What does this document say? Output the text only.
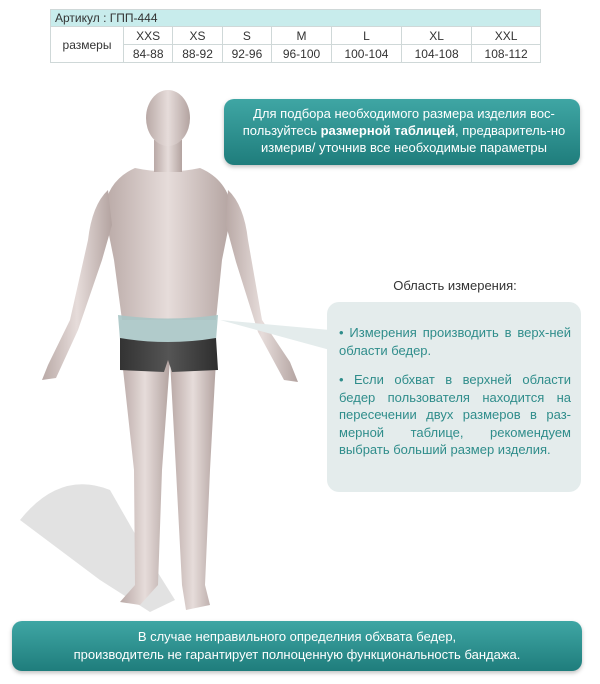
Артикул : ГПП-444							
размеры	XXS	XS	S	M	L	XL	XXL
	84-88	88-92	92-96	96-100	100-104	104-108	108-112
Для подбора необходимого размера изделия вос-пользуйтесь размерной таблицей, предваритель-но измерив/ уточнив все необходимые параметры
Область измерения:

• Измерения производить в верх-ней области бедер.

• Если обхват в верхней области бедер пользователя находится на пересечении двух размеров в раз-мерной таблице, рекомендуем выбрать больший размер изделия.

В случае неправильного определния обхвата бедер,
производитель не гарантирует полноценную функциональность бандажа.
